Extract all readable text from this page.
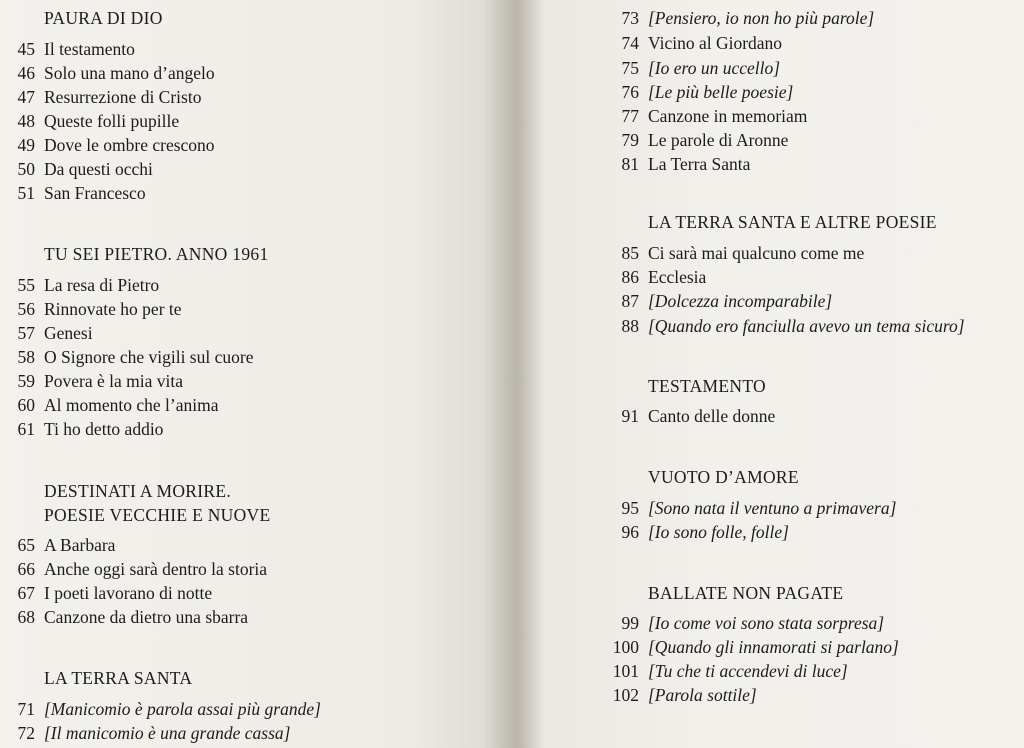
PAURA DI DIO
45 Il testamento
46 Solo una mano d’angelo
47 Resurrezione di Cristo
48 Queste folli pupille
49 Dove le ombre crescono
50 Da questi occhi
51 San Francesco
TU SEI PIETRO. ANNO 1961
55 La resa di Pietro
56 Rinnovate ho per te
57 Genesi
58 O Signore che vigili sul cuore
59 Povera è la mia vita
60 Al momento che l’anima
61 Ti ho detto addio
DESTINATI A MORIRE.
POESIE VECCHIE E NUOVE
65 A Barbara
66 Anche oggi sarà dentro la storia
67 I poeti lavorano di notte
68 Canzone da dietro una sbarra
LA TERRA SANTA
71 [Manicomio è parola assai più grande]
72 [Il manicomio è una grande cassa]
73 [Pensiero, io non ho più parole]
74 Vicino al Giordano
75 [Io ero un uccello]
76 [Le più belle poesie]
77 Canzone in memoriam
79 Le parole di Aronne
81 La Terra Santa
LA TERRA SANTA E ALTRE POESIE
85 Ci sarà mai qualcuno come me
86 Ecclesia
87 [Dolcezza incomparabile]
88 [Quando ero fanciulla avevo un tema sicuro]
TESTAMENTO
91 Canto delle donne
VUOTO D’AMORE
95 [Sono nata il ventuno a primavera]
96 [Io sono folle, folle]
BALLATE NON PAGATE
99 [Io come voi sono stata sorpresa]
100 [Quando gli innamorati si parlano]
101 [Tu che ti accendevi di luce]
102 [Parola sottile]
